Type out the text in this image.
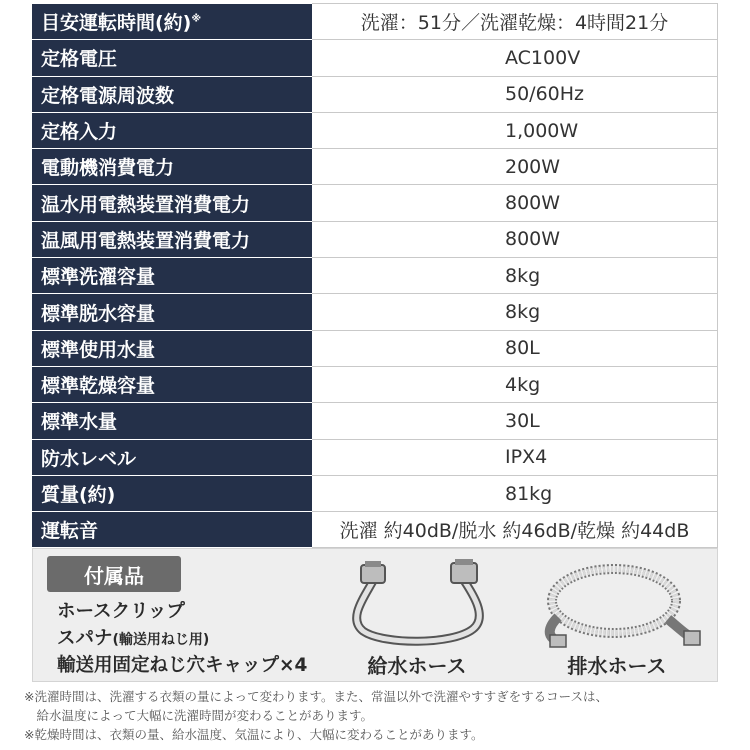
目安運転時間(約)※	洗濯：51分／洗濯乾燥：4時間21分
定格電圧	AC100V
定格電源周波数	50/60Hz
定格入力	1,000W
電動機消費電力	200W
温水用電熱装置消費電力	800W
温風用電熱装置消費電力	800W
標準洗濯容量	8kg
標準脱水容量	8kg
標準使用水量	80L
標準乾燥容量	4kg
標準水量	30L
防水レベル	IPX4
質量(約)	81kg
運転音	洗濯 約40dB/脱水 約46dB/乾燥 約44dB
付属品
ホースクリップ
スパナ(輸送用ねじ用)
輸送用固定ねじ穴キャップ×4	給水ホース	排水ホース
※洗濯時間は、洗濯する衣類の量によって変わります。また、常温以外で洗濯やすすぎをするコースは、
　給水温度によって大幅に洗濯時間が変わることがあります。
※乾燥時間は、衣類の量、給水温度、気温により、大幅に変わることがあります。
